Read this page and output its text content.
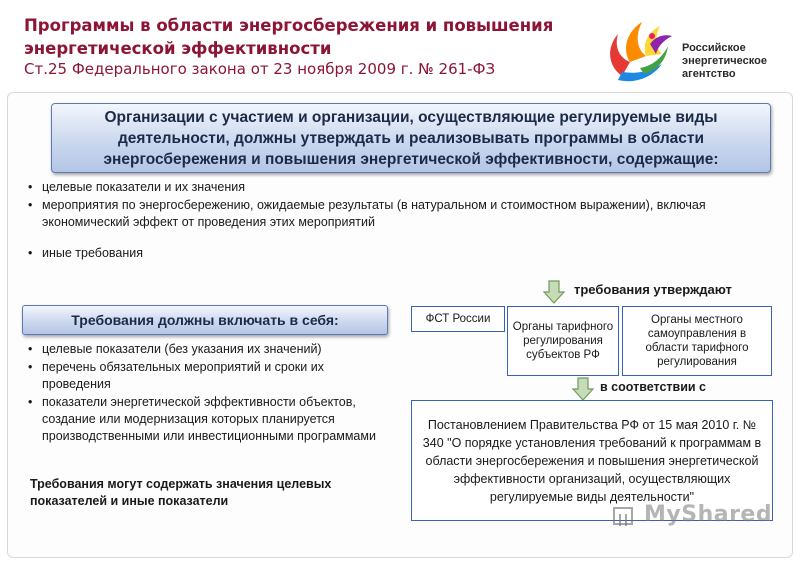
Программы в области энергосбережения и повышения энергетической эффективности
Ст.25 Федерального закона от 23 ноября 2009 г. № 261-ФЗ
Российское
энергетическое
агентство
Организации с участием и организации, осуществляющие регулируемые виды деятельности, должны утверждать и реализовывать программы в области энергосбережения и повышения энергетической эффективности, содержащие:
• целевые показатели и их значения
• мероприятия по энергосбережению, ожидаемые результаты (в натуральном и стоимостном выражении), включая экономический эффект от проведения этих мероприятий
• иные требования
Требования должны включать в себя:
• целевые показатели (без указания их значений)
• перечень обязательных мероприятий и сроки их проведения
• показатели энергетической эффективности объектов, создание или модернизация которых планируется производственными или инвестиционными программами
Требования могут содержать значения целевых показателей и иные показатели
требования утверждают
ФСТ России
Органы тарифного регулирования субъектов РФ
Органы местного самоуправления в области тарифного регулирования
в соответствии с
Постановлением Правительства РФ от 15 мая 2010 г. № 340 "О порядке установления требований к программам в области энергосбережения и повышения энергетической эффективности организаций, осуществляющих регулируемые виды деятельности"
MyShared
